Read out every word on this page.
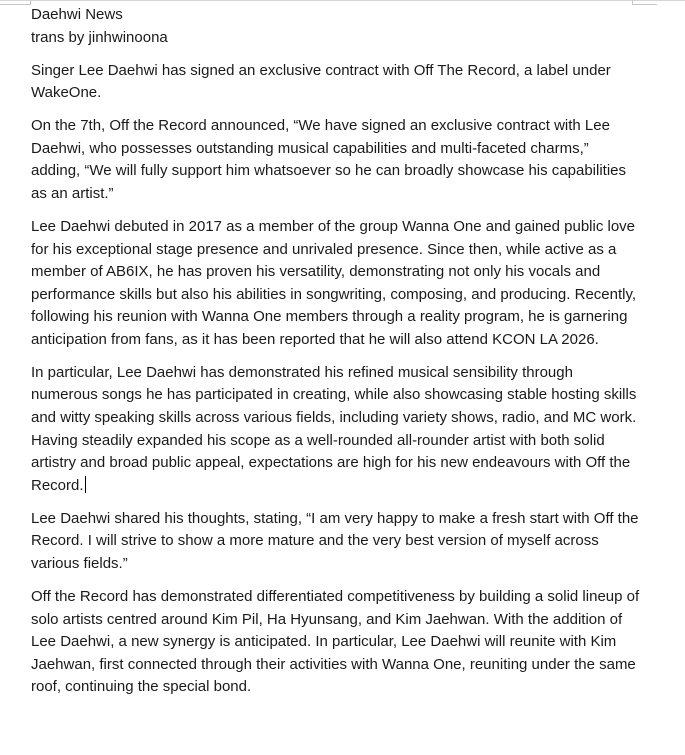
Daehwi News
trans by jinhwinoona

Singer Lee Daehwi has signed an exclusive contract with Off The Record, a label under WakeOne.

On the 7th, Off the Record announced, “We have signed an exclusive contract with Lee Daehwi, who possesses outstanding musical capabilities and multi-faceted charms,” adding, “We will fully support him whatsoever so he can broadly showcase his capabilities as an artist.”

Lee Daehwi debuted in 2017 as a member of the group Wanna One and gained public love for his exceptional stage presence and unrivaled presence. Since then, while active as a member of AB6IX, he has proven his versatility, demonstrating not only his vocals and performance skills but also his abilities in songwriting, composing, and producing. Recently, following his reunion with Wanna One members through a reality program, he is garnering anticipation from fans, as it has been reported that he will also attend KCON LA 2026.

In particular, Lee Daehwi has demonstrated his refined musical sensibility through numerous songs he has participated in creating, while also showcasing stable hosting skills and witty speaking skills across various fields, including variety shows, radio, and MC work. Having steadily expanded his scope as a well-rounded all-rounder artist with both solid artistry and broad public appeal, expectations are high for his new endeavours with Off the Record.

Lee Daehwi shared his thoughts, stating, “I am very happy to make a fresh start with Off the Record. I will strive to show a more mature and the very best version of myself across various fields.”

Off the Record has demonstrated differentiated competitiveness by building a solid lineup of solo artists centred around Kim Pil, Ha Hyunsang, and Kim Jaehwan. With the addition of Lee Daehwi, a new synergy is anticipated. In particular, Lee Daehwi will reunite with Kim Jaehwan, first connected through their activities with Wanna One, reuniting under the same roof, continuing the special bond.
